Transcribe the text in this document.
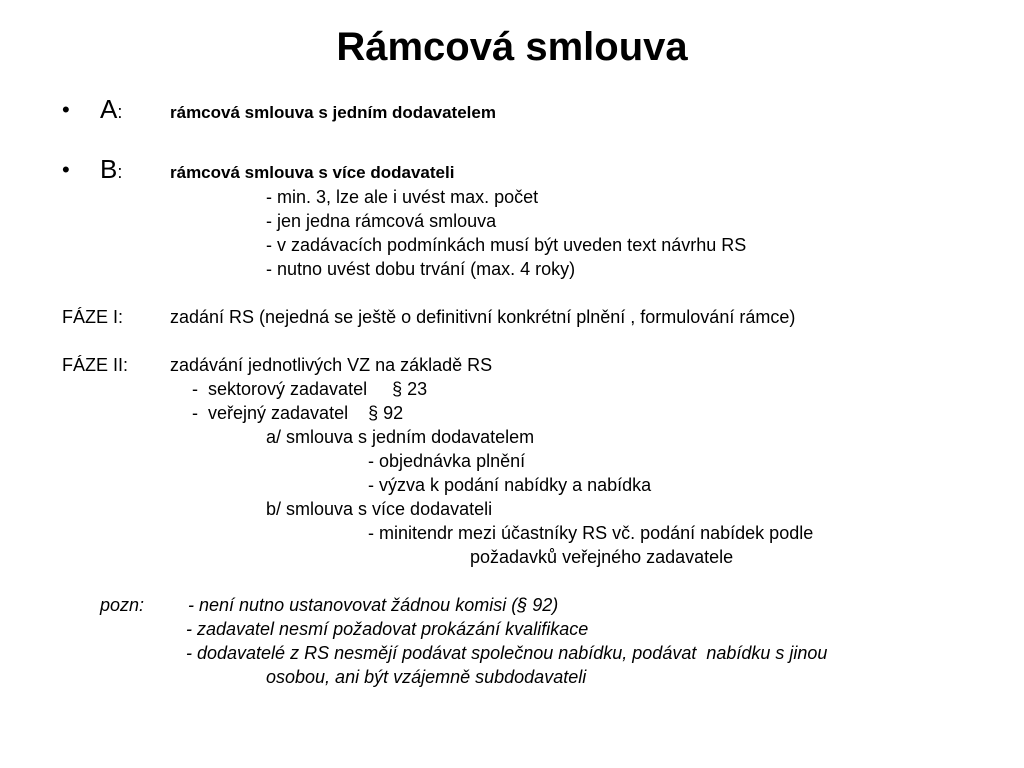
Rámcová smlouva
• A:	rámcová smlouva s jedním dodavatelem
• B:	rámcová smlouva s více dodavateli
- min. 3, lze ale i uvést max. počet
- jen jedna rámcová smlouva
- v zadávacích podmínkách musí být uveden text návrhu RS
- nutno uvést dobu trvání (max. 4 roky)
FÁZE I:	zadání RS (nejedná se ještě o definitivní konkrétní plnění , formulování rámce)
FÁZE II: zadávání jednotlivých VZ na základě RS
-  sektorový zadavatel     § 23
-  veřejný zadavatel    § 92
a/ smlouva s jedním dodavatelem
- objednávka plnění
- výzva k podání nabídky a nabídka
b/ smlouva s více dodavateli
- minitendr mezi účastníky RS vč. podání nabídek podle
požadavků veřejného zadavatele
pozn: - není nutno ustanovovat žádnou komisi (§ 92)
- zadavatel nesmí požadovat prokázání kvalifikace
- dodavatelé z RS nesmějí podávat společnou nabídku, podávat  nabídku s jinou
osobou, ani být vzájemně subdodavateli
